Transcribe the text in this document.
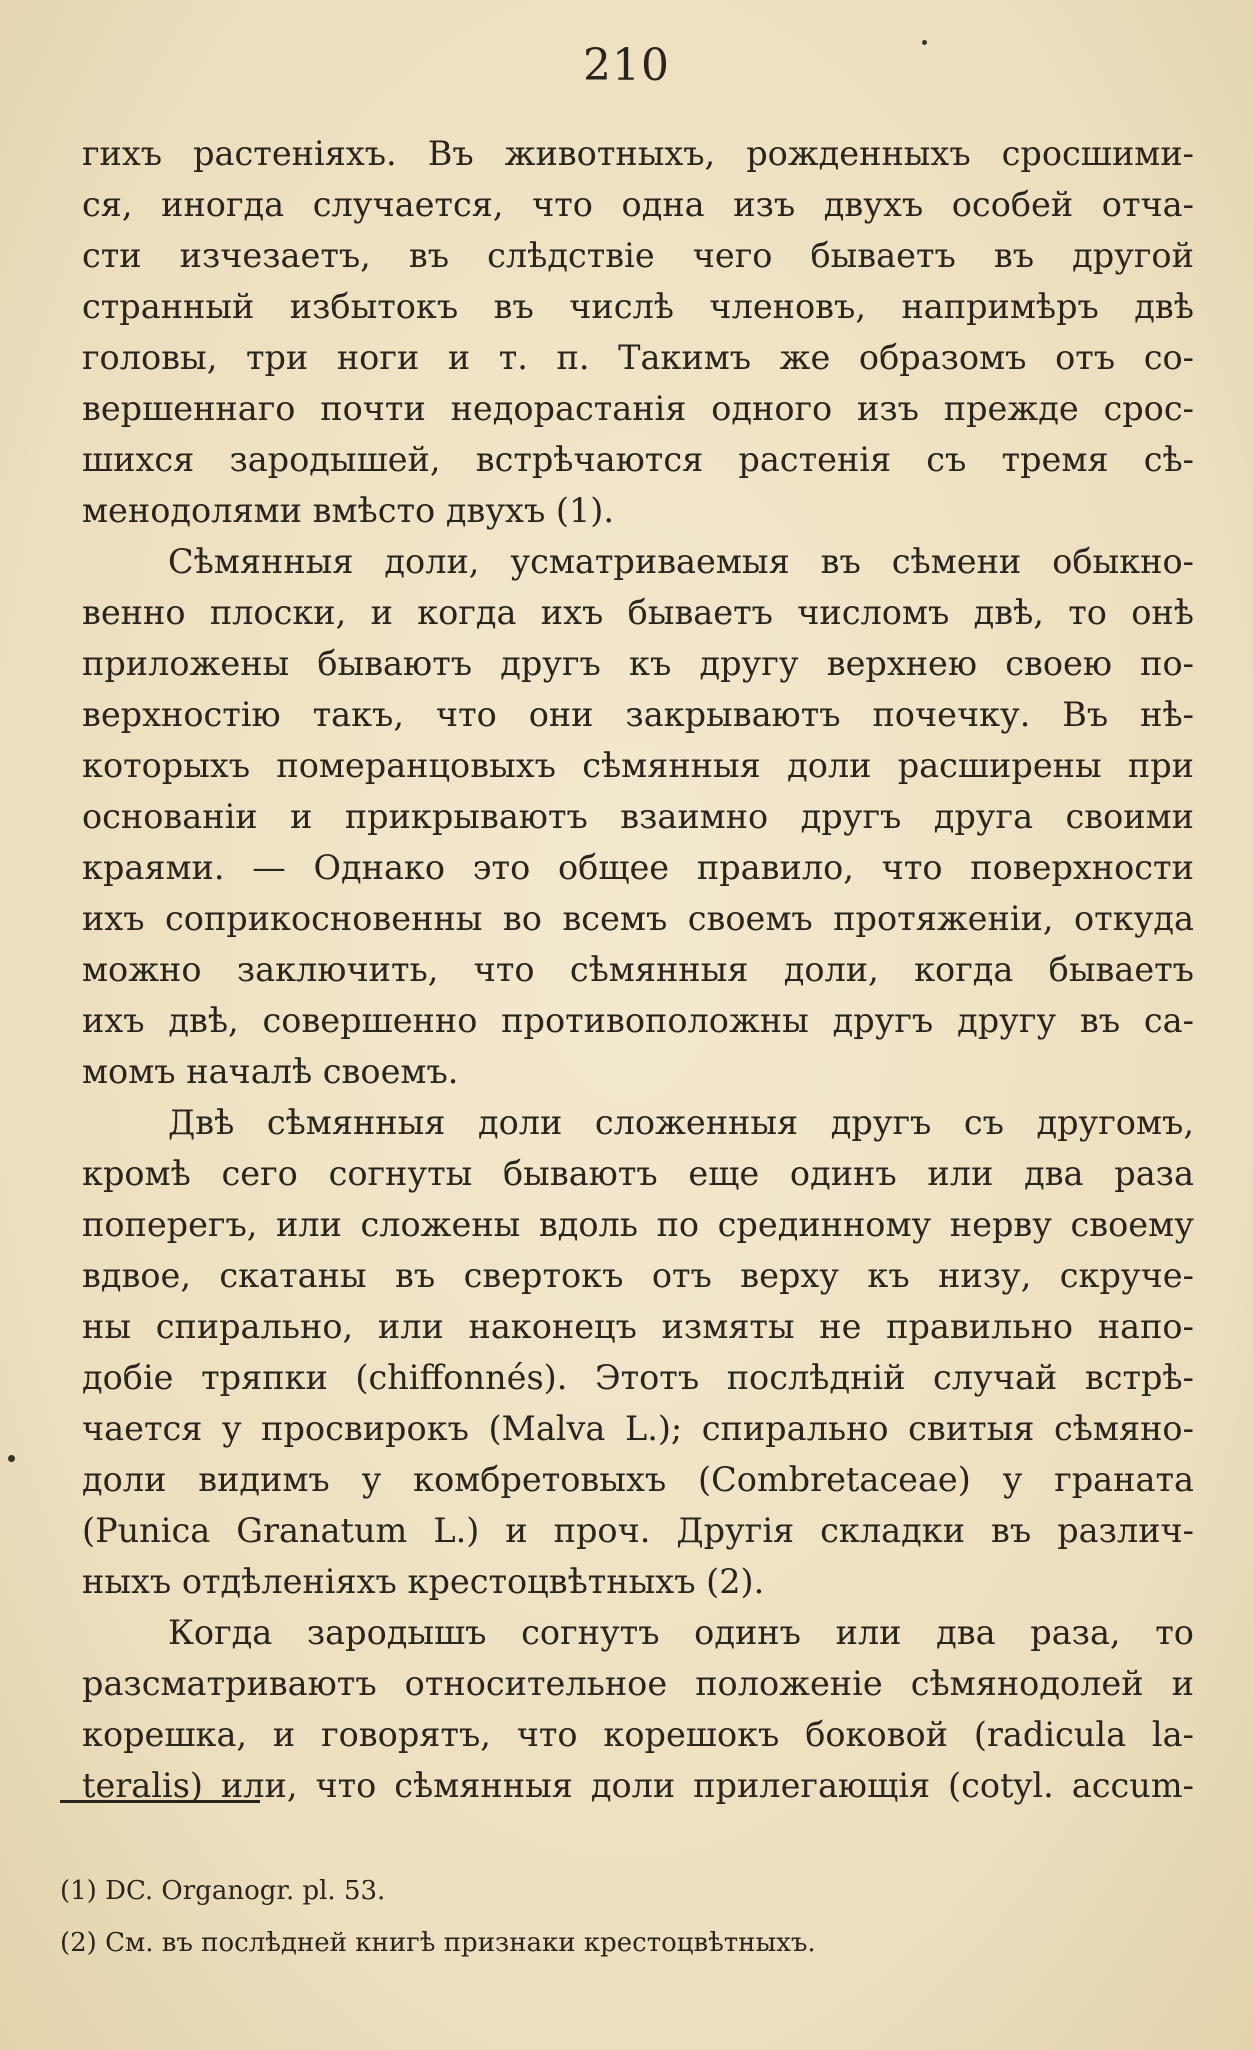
210
гихъ растенiяхъ. Въ животныхъ, рожденныхъ сросшими-
ся, иногда случается, что одна изъ двухъ особей отча-
сти изчезаетъ, въ слѣдствiе чего бываетъ въ другой
странный избытокъ въ числѣ членовъ, напримѣръ двѣ
головы, три ноги и т. п. Такимъ же образомъ отъ со-
вершеннаго почти недорастанiя одного изъ прежде срос-
шихся зародышей, встрѣчаются растенiя съ тремя сѣ-
менодолями вмѣсто двухъ (1).
Сѣмянныя доли, усматриваемыя въ сѣмени обыкно-
венно плоски, и когда ихъ бываетъ числомъ двѣ, то онѣ
приложены бываютъ другъ къ другу верхнею своею по-
верхностiю такъ, что они закрываютъ почечку. Въ нѣ-
которыхъ померанцовыхъ сѣмянныя доли расширены при
основанiи и прикрываютъ взаимно другъ друга своими
краями. — Однако это общее правило, что поверхности
ихъ соприкосновенны во всемъ своемъ протяженiи, откуда
можно заключить, что сѣмянныя доли, когда бываетъ
ихъ двѣ, совершенно противоположны другъ другу въ са-
момъ началѣ своемъ.
Двѣ сѣмянныя доли сложенныя другъ съ другомъ,
кромѣ сего согнуты бываютъ еще одинъ или два раза
поперегъ, или сложены вдоль по срединному нерву своему
вдвое, скатаны въ свертокъ отъ верху къ низу, скруче-
ны спирально, или наконецъ измяты не правильно напо-
добiе тряпки (chiffonnés). Этотъ послѣднiй случай встрѣ-
чается у просвирокъ (Malva L.); спирально свитыя сѣмяно-
доли видимъ у комбретовыхъ (Combretaceae) у граната
(Punica Granatum L.) и проч. Другiя складки въ различ-
ныхъ отдѣленiяхъ крестоцвѣтныхъ (2).
Когда зародышъ согнутъ одинъ или два раза, то
разсматриваютъ относительное положенiе сѣмянодолей и
корешка, и говорятъ, что корешокъ боковой (radicula la-
teralis) или, что сѣмянныя доли прилегающiя (cotyl. accum-
(1) DC. Organogr. pl. 53.
(2) См. въ послѣдней книгѣ признаки крестоцвѣтныхъ.
